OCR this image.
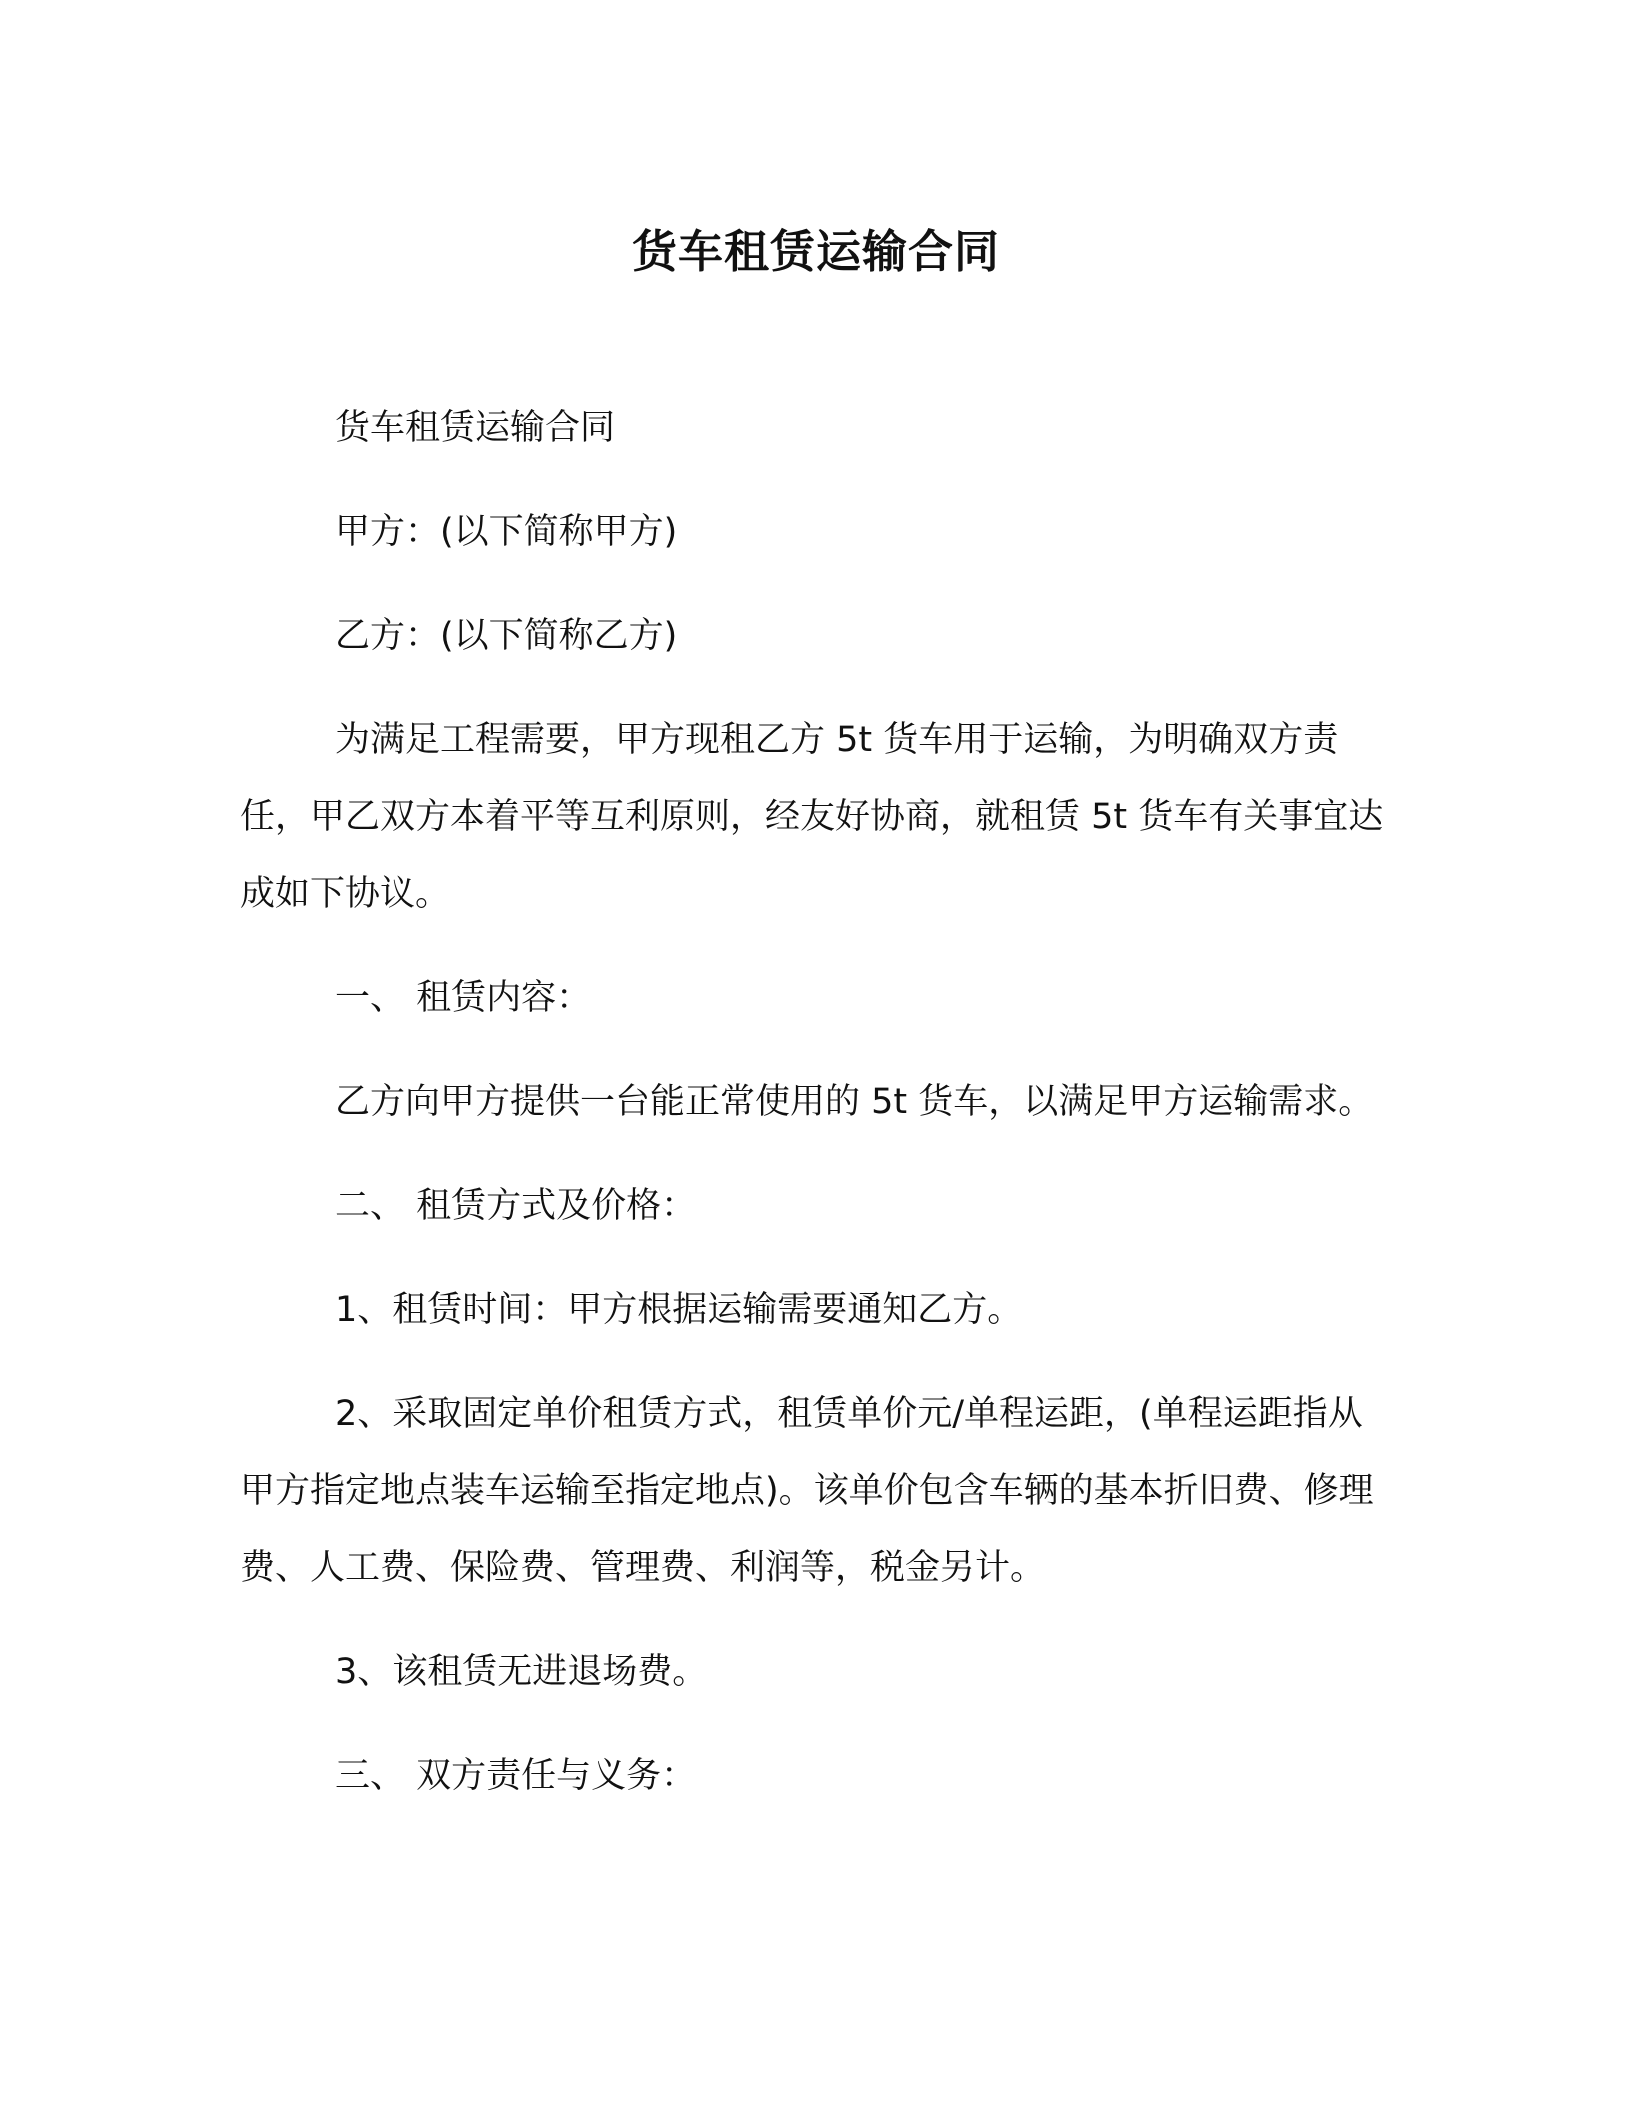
货车租赁运输合同

货车租赁运输合同

甲方：(以下简称甲方)

乙方：(以下简称乙方)

为满足工程需要，甲方现租乙方 5t 货车用于运输，为明确双方责任，甲乙双方本着平等互利原则，经友好协商，就租赁 5t 货车有关事宜达成如下协议。

一、 租赁内容：

乙方向甲方提供一台能正常使用的 5t 货车，以满足甲方运输需求。

二、 租赁方式及价格：

1、租赁时间：甲方根据运输需要通知乙方。

2、采取固定单价租赁方式，租赁单价元/单程运距，(单程运距指从甲方指定地点装车运输至指定地点)。该单价包含车辆的基本折旧费、修理费、人工费、保险费、管理费、利润等，税金另计。

3、该租赁无进退场费。

三、 双方责任与义务：
